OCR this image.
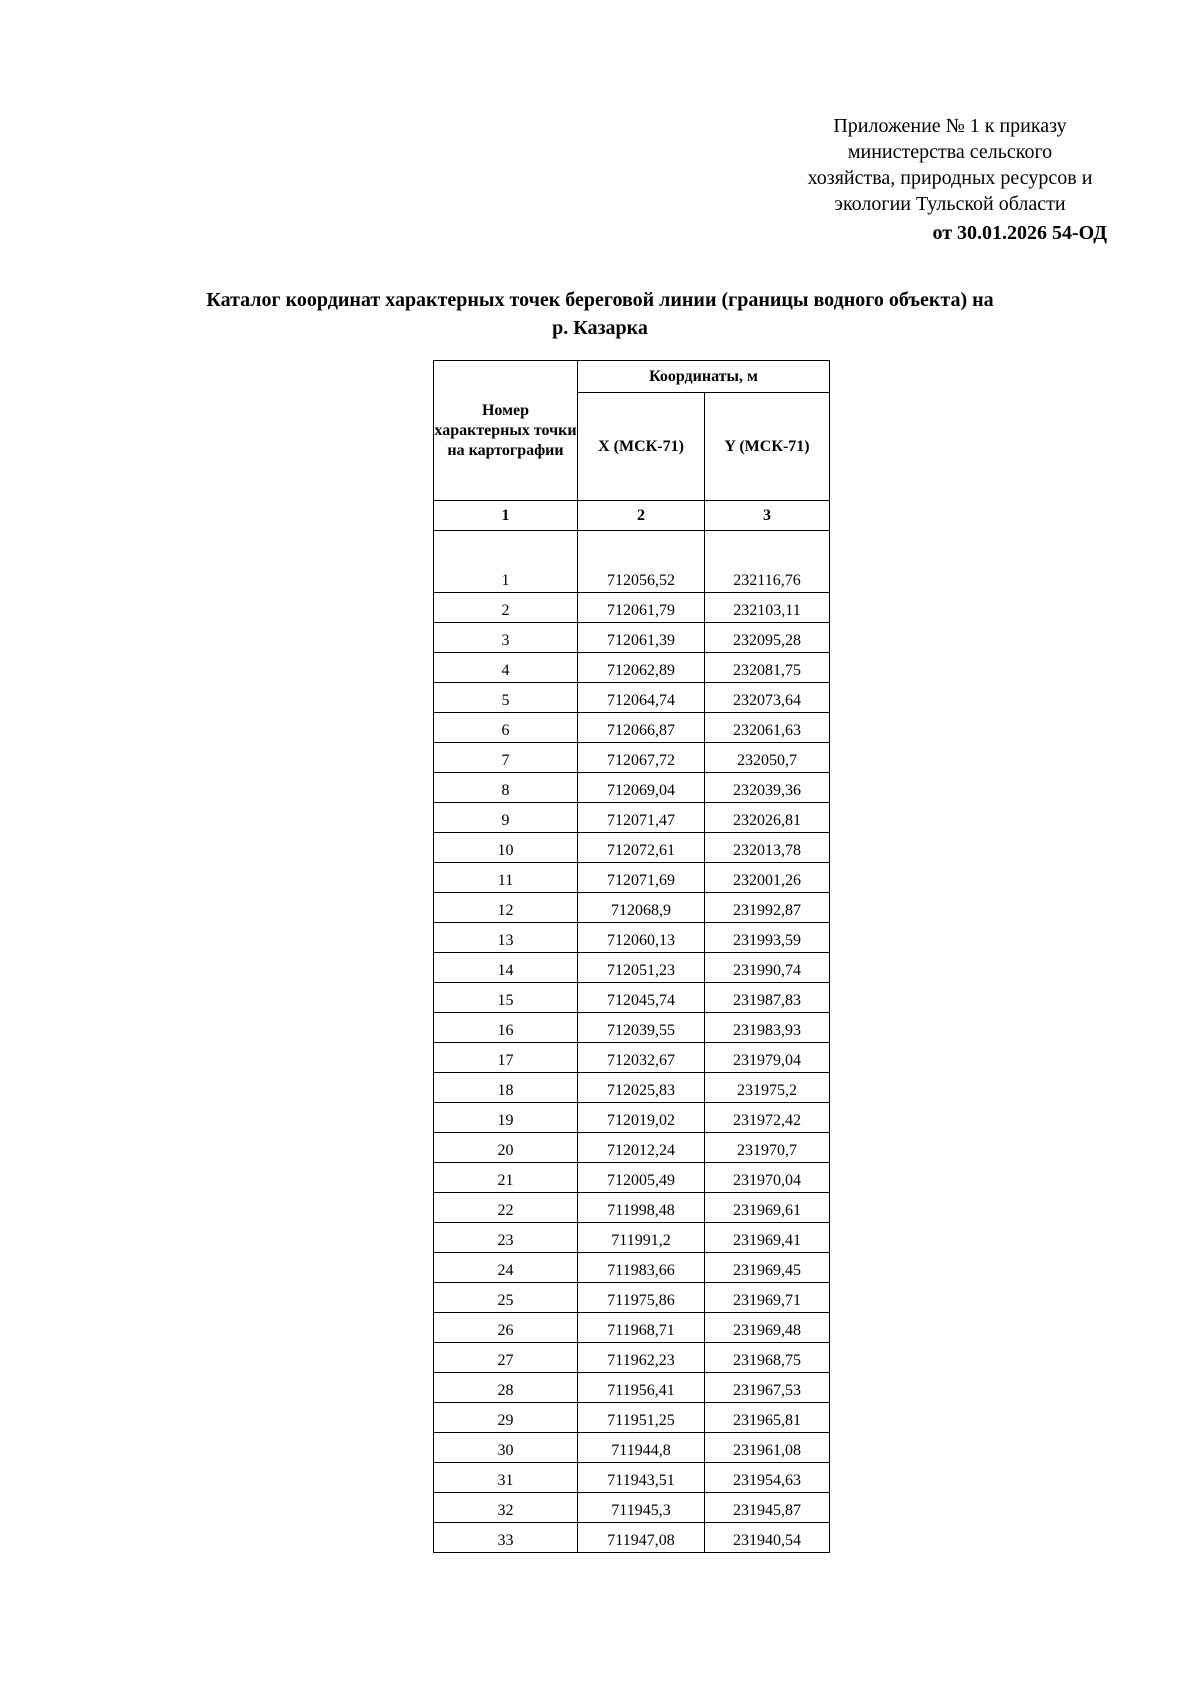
Приложение № 1 к приказу
министерства сельского
хозяйства, природных ресурсов и
экологии Тульской области
от 30.01.2026 54-ОД
Каталог координат характерных точек береговой линии (границы водного объекта) на
р. Казарка
Номер характерных точки на картографии	Координаты, м	
	X (МСК-71)	Y (МСК-71)
1	2	3

1	712056,52	232116,76
2	712061,79	232103,11
3	712061,39	232095,28
4	712062,89	232081,75
5	712064,74	232073,64
6	712066,87	232061,63
7	712067,72	232050,7
8	712069,04	232039,36
9	712071,47	232026,81
10	712072,61	232013,78
11	712071,69	232001,26
12	712068,9	231992,87
13	712060,13	231993,59
14	712051,23	231990,74
15	712045,74	231987,83
16	712039,55	231983,93
17	712032,67	231979,04
18	712025,83	231975,2
19	712019,02	231972,42
20	712012,24	231970,7
21	712005,49	231970,04
22	711998,48	231969,61
23	711991,2	231969,41
24	711983,66	231969,45
25	711975,86	231969,71
26	711968,71	231969,48
27	711962,23	231968,75
28	711956,41	231967,53
29	711951,25	231965,81
30	711944,8	231961,08
31	711943,51	231954,63
32	711945,3	231945,87
33	711947,08	231940,54
